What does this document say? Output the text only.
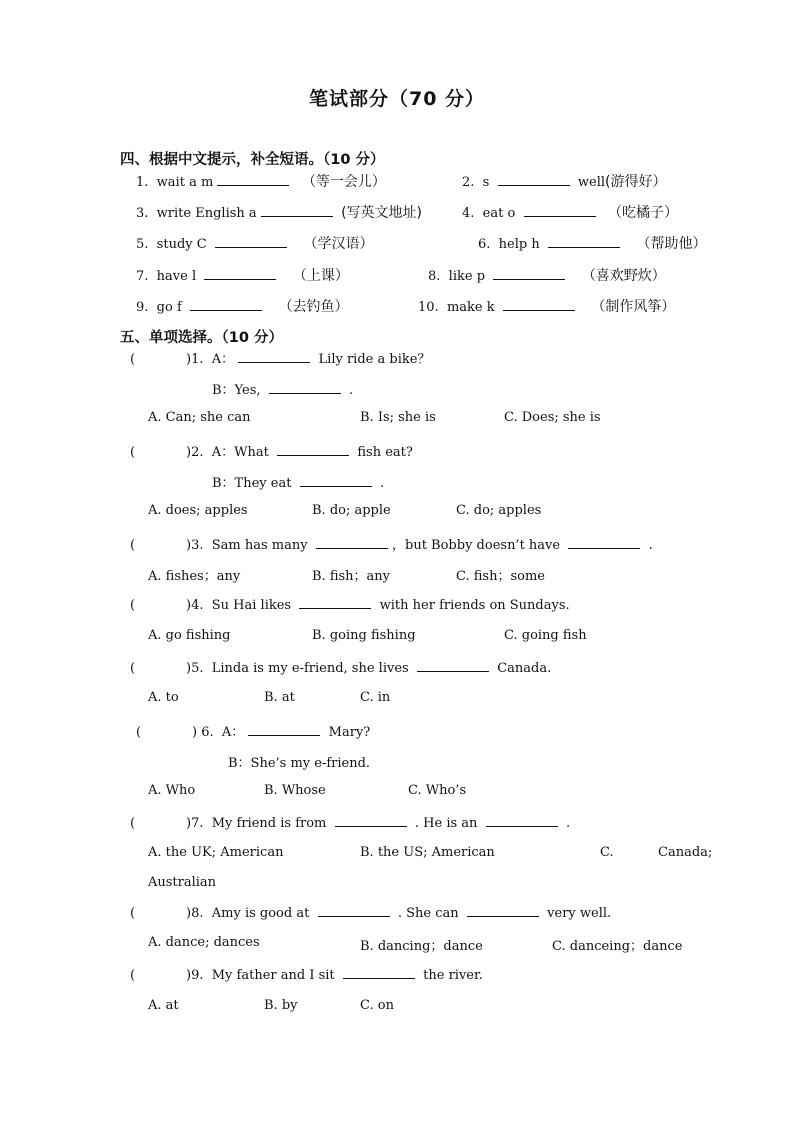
笔试部分（70 分）
四、根据中文提示，补全短语。（10 分）
1. wait a m	（等一会儿）	2. s	well(游得好）
3. write English a	(写英文地址)	4. eat o	（吃橘子）
5. study C	（学汉语）	6. help h	（帮助他）
7. have l	（上课）	8. like p	（喜欢野炊）
9. go f	（去钓鱼）	10. make k	（制作风筝）
五、单项选择。（10 分）
(	)1. A：	Lily ride a bike？
B：Yes,	.
A. Can; she can	B. Is; she is	C. Does; she is
(	)2. A：What	fish eat?
B：They eat	.
A. does; apples	B. do; apple	C. do; apples
(	)3. Sam has many	，but Bobby doesn’t have	.
A. fishes；any	B. fish；any	C. fish；some
(	)4. Su Hai likes	with her friends on Sundays.
A. go fishing	B. going fishing	C. going fish
(	)5. Linda is my e-friend, she lives	Canada.
A. to	B. at	C. in
(	) 6. A：	Mary?
B：She’s my e-friend.
A. Who	B. Whose	C. Who’s
(	)7. My friend is from	. He is an	.
A. the UK; American	B. the US; American	C.	Canada;
Australian
(	)8. Amy is good at	. She can	very well.
A. dance; dances	B. dancing；dance	C. danceing；dance
(	)9. My father and I sit	the river.
A. at	B. by	C. on
